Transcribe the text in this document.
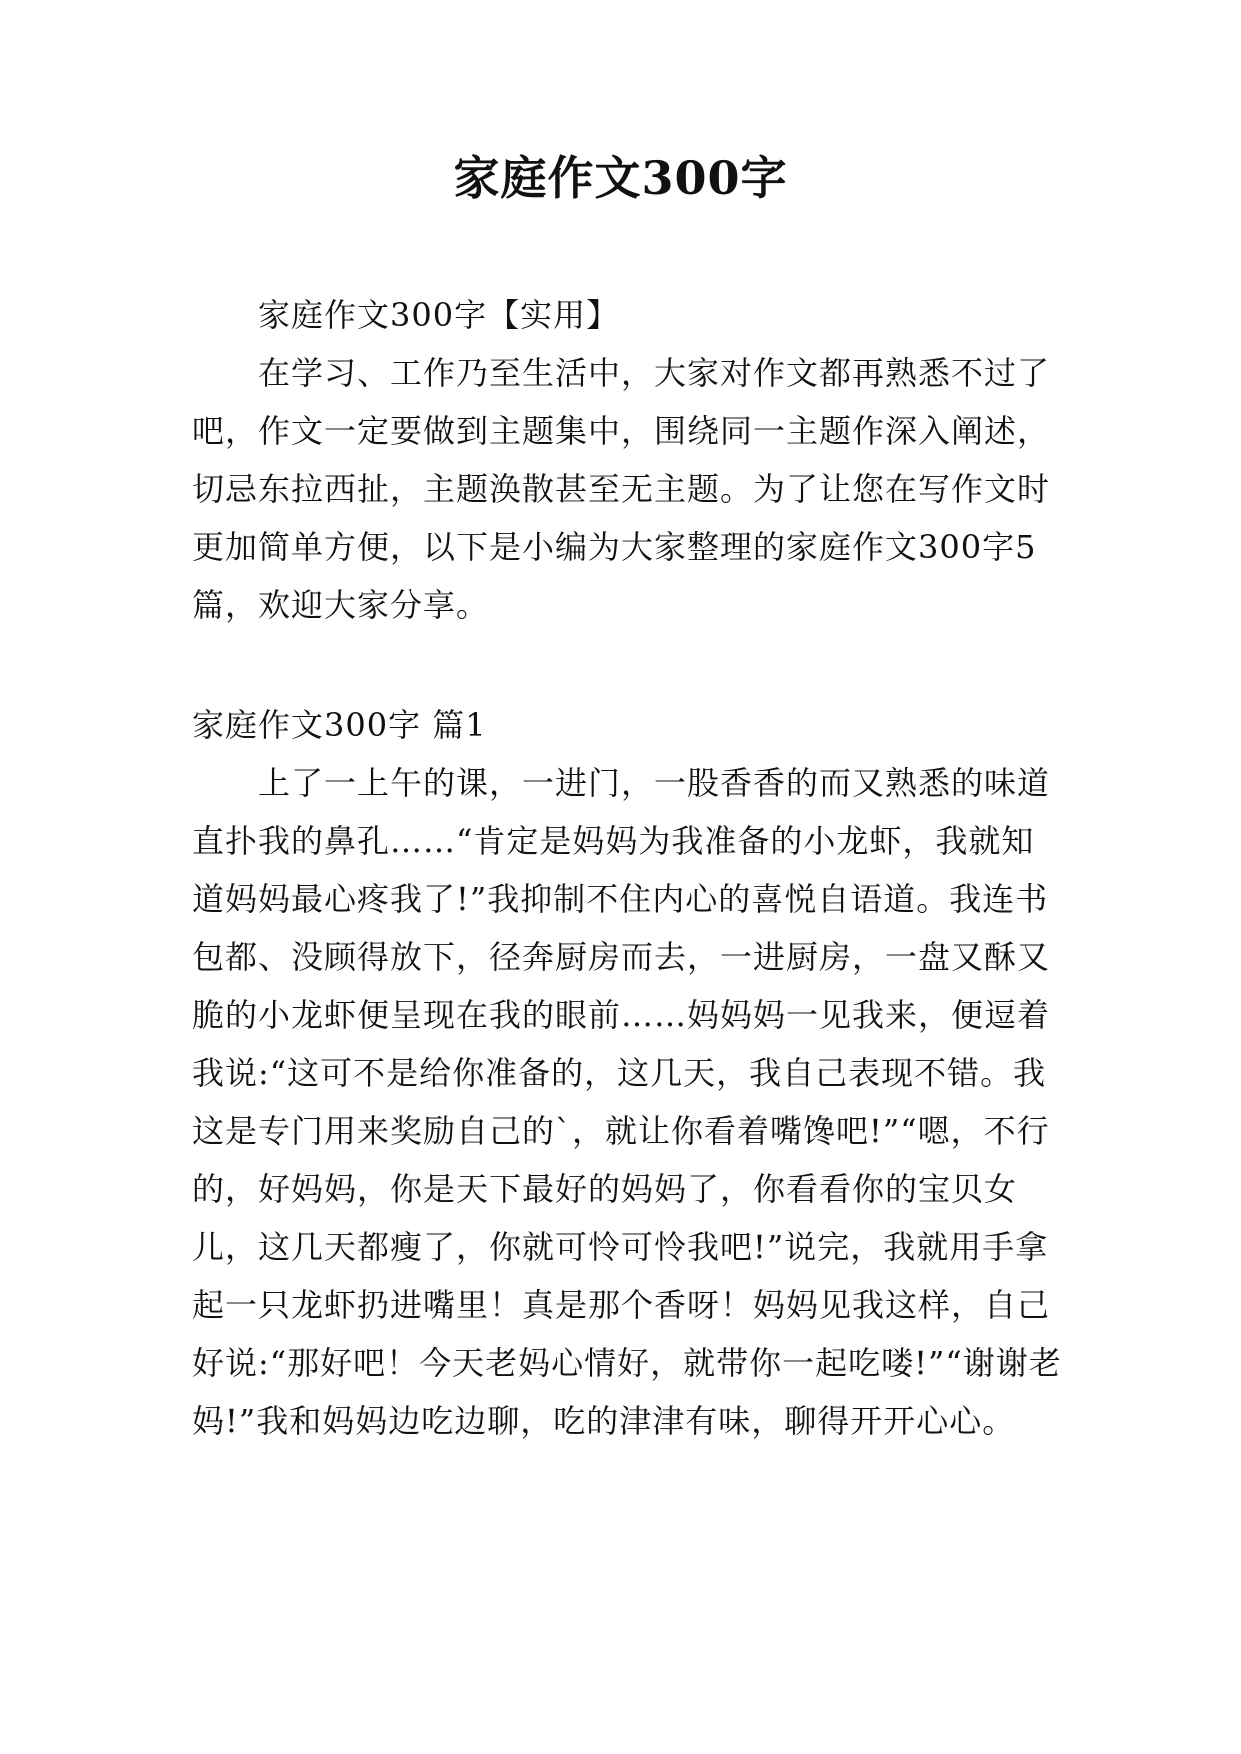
家庭作文300字

家庭作文300字【实用】

在学习、工作乃至生活中，大家对作文都再熟悉不过了吧，作文一定要做到主题集中，围绕同一主题作深入阐述，切忌东拉西扯，主题涣散甚至无主题。为了让您在写作文时更加简单方便，以下是小编为大家整理的家庭作文300字5篇，欢迎大家分享。

家庭作文300字 篇1

上了一上午的课，一进门，一股香香的而又熟悉的味道直扑我的鼻孔……“肯定是妈妈为我准备的小龙虾，我就知道妈妈最心疼我了!”我抑制不住内心的喜悦自语道。我连书包都、没顾得放下，径奔厨房而去，一进厨房，一盘又酥又脆的小龙虾便呈现在我的眼前……妈妈妈一见我来，便逗着我说:“这可不是给你准备的，这几天，我自己表现不错。我这是专门用来奖励自己的`，就让你看着嘴馋吧!”“嗯，不行的，好妈妈，你是天下最好的妈妈了，你看看你的宝贝女儿，这几天都瘦了，你就可怜可怜我吧!”说完，我就用手拿起一只龙虾扔进嘴里！真是那个香呀！妈妈见我这样，自己好说:“那好吧！今天老妈心情好，就带你一起吃喽!”“谢谢老妈!”我和妈妈边吃边聊，吃的津津有味，聊得开开心心。
